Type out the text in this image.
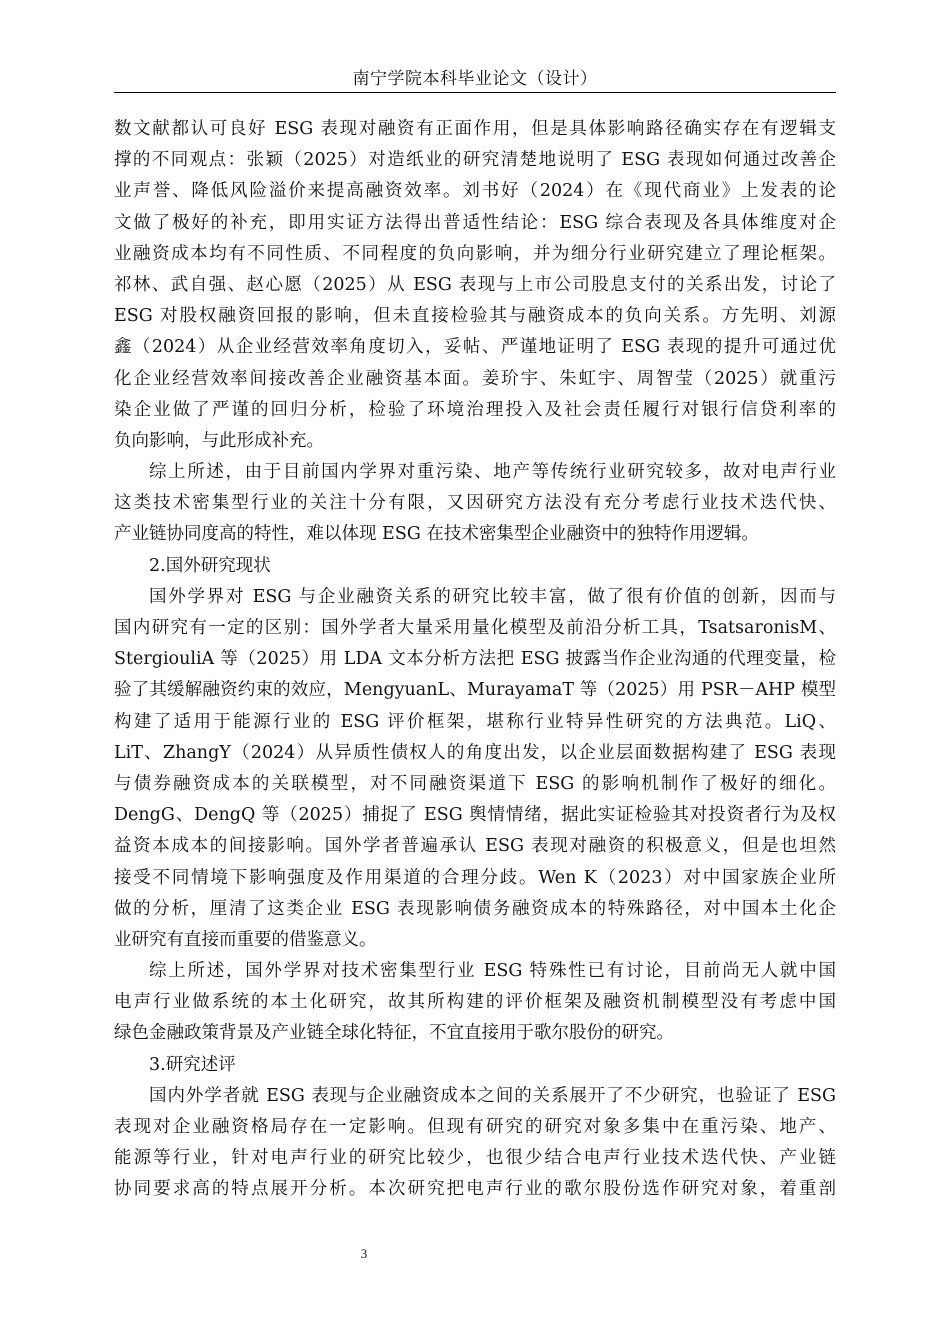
南宁学院本科毕业论文（设计）
数文献都认可良好 ESG 表现对融资有正面作用，但是具体影响路径确实存在有逻辑支
撑的不同观点：张颖（2025）对造纸业的研究清楚地说明了 ESG 表现如何通过改善企
业声誉、降低风险溢价来提高融资效率。刘书好（2024）在《现代商业》上发表的论
文做了极好的补充，即用实证方法得出普适性结论：ESG 综合表现及各具体维度对企
业融资成本均有不同性质、不同程度的负向影响，并为细分行业研究建立了理论框架。
祁林、武自强、赵心愿（2025）从 ESG 表现与上市公司股息支付的关系出发，讨论了
ESG 对股权融资回报的影响，但未直接检验其与融资成本的负向关系。方先明、刘源
鑫（2024）从企业经营效率角度切入，妥帖、严谨地证明了 ESG 表现的提升可通过优
化企业经营效率间接改善企业融资基本面。姜玠宇、朱虹宇、周智莹（2025）就重污
染企业做了严谨的回归分析，检验了环境治理投入及社会责任履行对银行信贷利率的
负向影响，与此形成补充。
综上所述，由于目前国内学界对重污染、地产等传统行业研究较多，故对电声行业
这类技术密集型行业的关注十分有限，又因研究方法没有充分考虑行业技术迭代快、
产业链协同度高的特性，难以体现 ESG 在技术密集型企业融资中的独特作用逻辑。
2.国外研究现状
国外学界对 ESG 与企业融资关系的研究比较丰富，做了很有价值的创新，因而与
国内研究有一定的区别：国外学者大量采用量化模型及前沿分析工具，TsatsaronisM、
StergiouliA 等（2025）用 LDA 文本分析方法把 ESG 披露当作企业沟通的代理变量，检
验了其缓解融资约束的效应，MengyuanL、MurayamaT 等（2025）用 PSR－AHP 模型
构建了适用于能源行业的 ESG 评价框架，堪称行业特异性研究的方法典范。LiQ、
LiT、ZhangY（2024）从异质性债权人的角度出发，以企业层面数据构建了 ESG 表现
与债券融资成本的关联模型，对不同融资渠道下 ESG 的影响机制作了极好的细化。
DengG、DengQ 等（2025）捕捉了 ESG 舆情情绪，据此实证检验其对投资者行为及权
益资本成本的间接影响。国外学者普遍承认 ESG 表现对融资的积极意义，但是也坦然
接受不同情境下影响强度及作用渠道的合理分歧。Wen K（2023）对中国家族企业所
做的分析，厘清了这类企业 ESG 表现影响债务融资成本的特殊路径，对中国本土化企
业研究有直接而重要的借鉴意义。
综上所述，国外学界对技术密集型行业 ESG 特殊性已有讨论，目前尚无人就中国
电声行业做系统的本土化研究，故其所构建的评价框架及融资机制模型没有考虑中国
绿色金融政策背景及产业链全球化特征，不宜直接用于歌尔股份的研究。
3.研究述评
国内外学者就 ESG 表现与企业融资成本之间的关系展开了不少研究，也验证了 ESG
表现对企业融资格局存在一定影响。但现有研究的研究对象多集中在重污染、地产、
能源等行业，针对电声行业的研究比较少，也很少结合电声行业技术迭代快、产业链
协同要求高的特点展开分析。本次研究把电声行业的歌尔股份选作研究对象，着重剖
3
